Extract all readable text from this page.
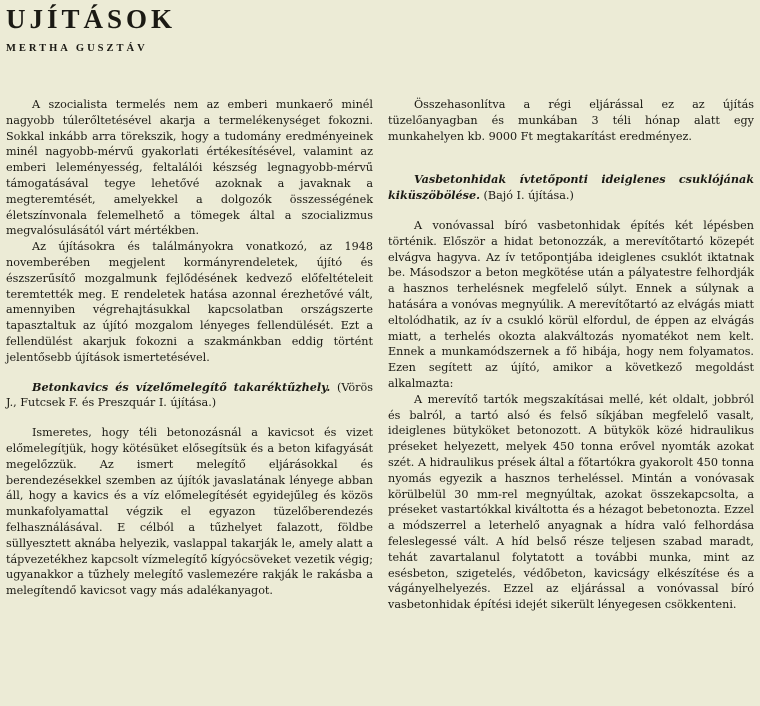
UJÍTÁSOK
MERTHA GUSZTÁV

A szocialista termelés nem az emberi munkaerő minél nagyobb túlerőltetésével akarja a termelékenységet fokozni. Sokkal inkább arra törekszik, hogy a tudomány eredményeinek minél nagyobb-mérvű gyakorlati értékesítésével, valamint az emberi leleményesség, feltalálói készség legnagyobb-mérvű támogatásával tegye lehetővé azoknak a javaknak a megteremtését, amelyekkel a dolgozók összességének életszínvonala felemelhető a tömegek által a szocializmus megvalósulásától várt mértékben.

Az újításokra és találmányokra vonatkozó, az 1948 novemberében megjelent kormányrendeletek, újító és észszerűsítő mozgalmunk fejlődésének kedvező előfeltételeit teremtették meg. E rendeletek hatása azonnal érezhetővé vált, amennyiben végrehajtásukkal kapcsolatban országszerte tapasztaltuk az újító mozgalom lényeges fellendülését. Ezt a fellendülést akarjuk fokozni a szakmánkban eddig történt jelentősebb újítások ismertetésével.

Betonkavics és vízelőmelegítő takaréktűzhely. (Vörös J., Futcsek F. és Preszquár I. újítása.)

Ismeretes, hogy téli betonozásnál a kavicsot és vizet előmelegítjük, hogy kötésüket elősegítsük és a beton kifagyását megelőzzük. Az ismert melegítő eljárásokkal és berendezésekkel szemben az újítók javaslatának lényege abban áll, hogy a kavics és a víz előmelegítését egyidejűleg és közös munkafolyamattal végzik el egyazon tüzelőberendezés felhasználásával. E célból a tűzhelyet falazott, földbe süllyesztett aknába helyezik, vaslappal takarják le, amely alatt a tápvezetékhez kapcsolt vízmelegítő kígyócsöveket vezetik végig; ugyanakkor a tűzhely melegítő vaslemezére rakják le rakásba a melegítendő kavicsot vagy más adalékanyagot.

Összehasonlítva a régi eljárással ez az újítás tüzelőanyagban és munkában 3 téli hónap alatt egy munkahelyen kb. 9000 Ft megtakarítást eredményez.

Vasbetonhidak ívtetőponti ideiglenes csuklójának kiküszöbölése. (Bajó I. újítása.)

A vonóvassal bíró vasbetonhidak építés két lépésben történik. Először a hidat betonozzák, a merevítőtartó közepét elvágva hagyva. Az ív tetőpontjába ideiglenes csuklót iktatnak be. Másodszor a beton megkötése után a pályatestre felhordják a hasznos terhelésnek megfelelő súlyt. Ennek a súlynak a hatására a vonóvas megnyúlik. A merevítőtartó az elvágás miatt eltolódhatik, az ív a csukló körül elfordul, de éppen az elvágás miatt, a terhelés okozta alakváltozás nyomatékot nem kelt. Ennek a munkamódszernek a fő hibája, hogy nem folyamatos. Ezen segített az újító, amikor a következő megoldást alkalmazta:

A merevítő tartók megszakításai mellé, két oldalt, jobbról és balról, a tartó alsó és felső síkjában megfelelő vasalt, ideiglenes bütyköket betonozott. A bütykök közé hidraulikus préseket helyezett, melyek 450 tonna erővel nyomták azokat szét. A hidraulikus prések által a főtartókra gyakorolt 450 tonna nyomás egyezik a hasznos terheléssel. Mintán a vonóvasak körülbelül 30 mm-rel megnyúltak, azokat összekapcsolta, a préseket vastartókkal kiváltotta és a hézagot bebetonozta. Ezzel a módszerrel a leterhelő anyagnak a hídra való felhordása feleslegessé vált. A híd belső része teljesen szabad maradt, tehát zavartalanul folytatott a további munka, mint az esésbeton, szigetelés, védőbeton, kavicságy elkészítése és a vágányelhelyezés. Ezzel az eljárással a vonóvassal bíró vasbetonhidak építési idejét sikerült lényegesen csökkenteni.
